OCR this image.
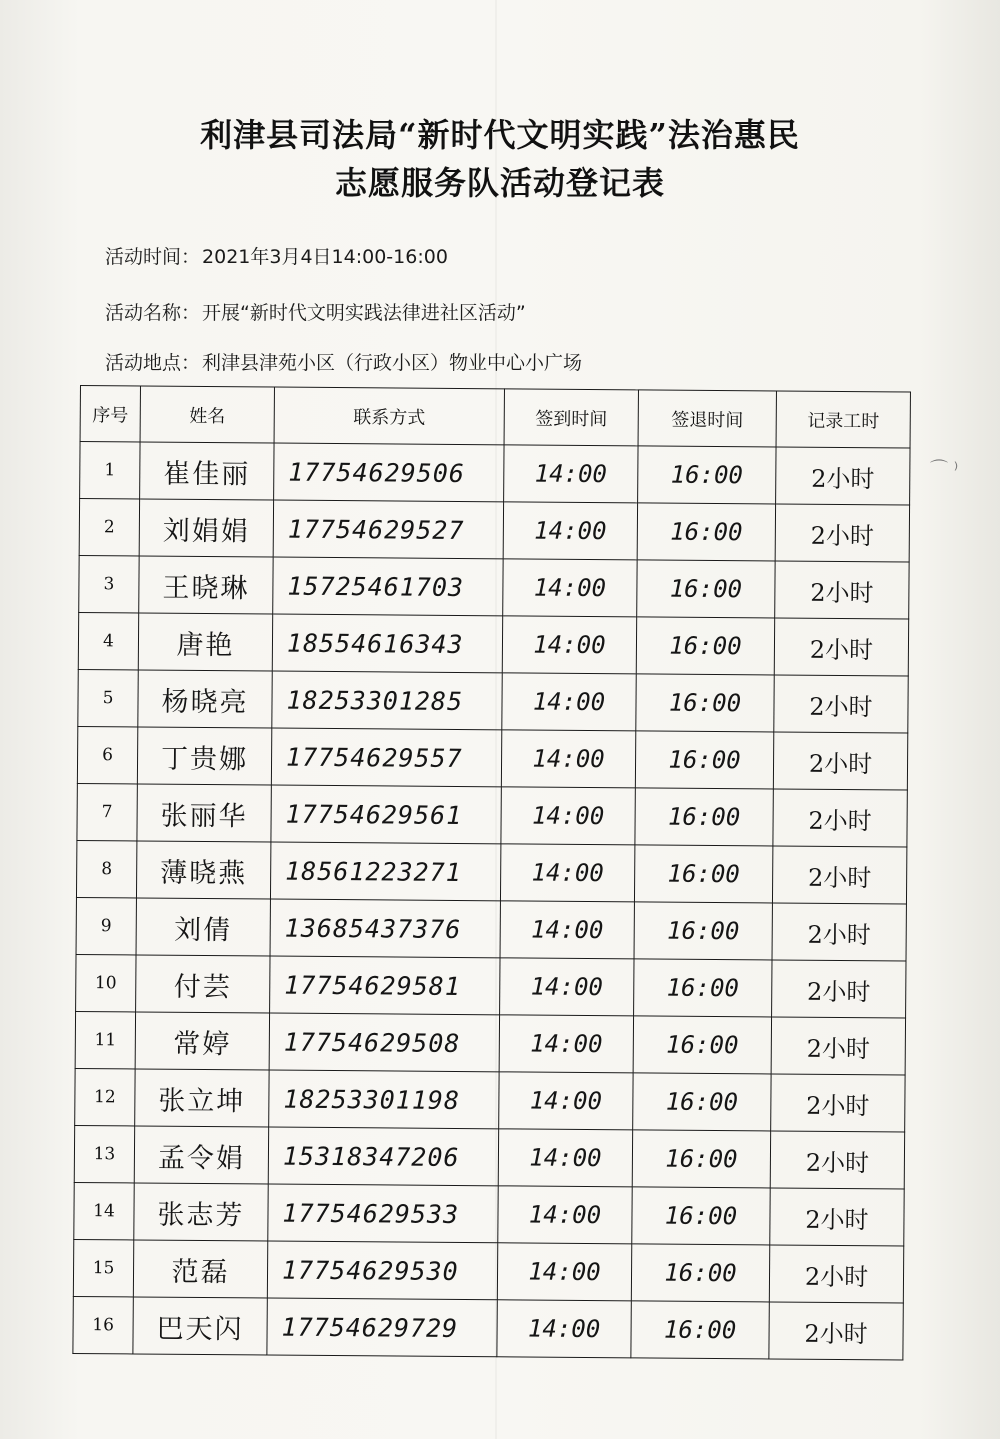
利津县司法局“新时代文明实践”法治惠民
志愿服务队活动登记表
活动时间： 2021年3月4日14:00-16:00
活动名称： 开展“新时代文明实践法律进社区活动”
活动地点： 利津县津苑小区（行政小区）物业中心小广场
序号	姓名	联系方式	签到时间	签退时间	记录工时
1	崔佳丽	17754629506	14:00	16:00	2小时
2	刘娟娟	17754629527	14:00	16:00	2小时
3	王晓琳	15725461703	14:00	16:00	2小时
4	唐艳	18554616343	14:00	16:00	2小时
5	杨晓亮	18253301285	14:00	16:00	2小时
6	丁贵娜	17754629557	14:00	16:00	2小时
7	张丽华	17754629561	14:00	16:00	2小时
8	薄晓燕	18561223271	14:00	16:00	2小时
9	刘倩	13685437376	14:00	16:00	2小时
10	付芸	17754629581	14:00	16:00	2小时
11	常婷	17754629508	14:00	16:00	2小时
12	张立坤	18253301198	14:00	16:00	2小时
13	孟令娟	15318347206	14:00	16:00	2小时
14	张志芳	17754629533	14:00	16:00	2小时
15	范磊	17754629530	14:00	16:00	2小时
16	巴天闪	17754629729	14:00	16:00	2小时
⌒ ⁾
